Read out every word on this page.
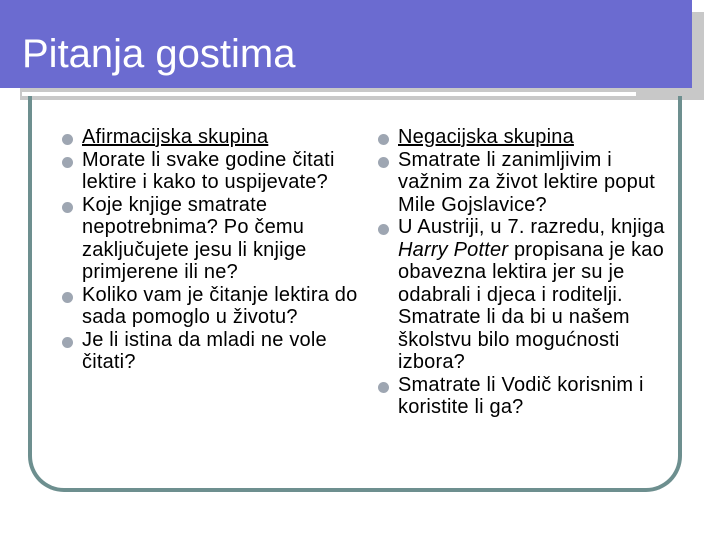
Pitanja gostima
Afirmacijska skupina
Morate li svake godine čitati lektire i kako to uspijevate?
Koje knjige smatrate nepotrebnima? Po čemu zaključujete jesu li knjige primjerene ili ne?
Koliko vam je čitanje lektira do sada pomoglo u životu?
Je li istina da mladi ne vole čitati?
Negacijska skupina
Smatrate li zanimljivim i važnim za život lektire poput Mile Gojslavice?
U Austriji, u 7. razredu, knjiga Harry Potter propisana je kao obavezna lektira jer su je odabrali i djeca i roditelji. Smatrate li da bi u našem školstvu bilo mogućnosti izbora?
Smatrate li Vodič korisnim i koristite li ga?
